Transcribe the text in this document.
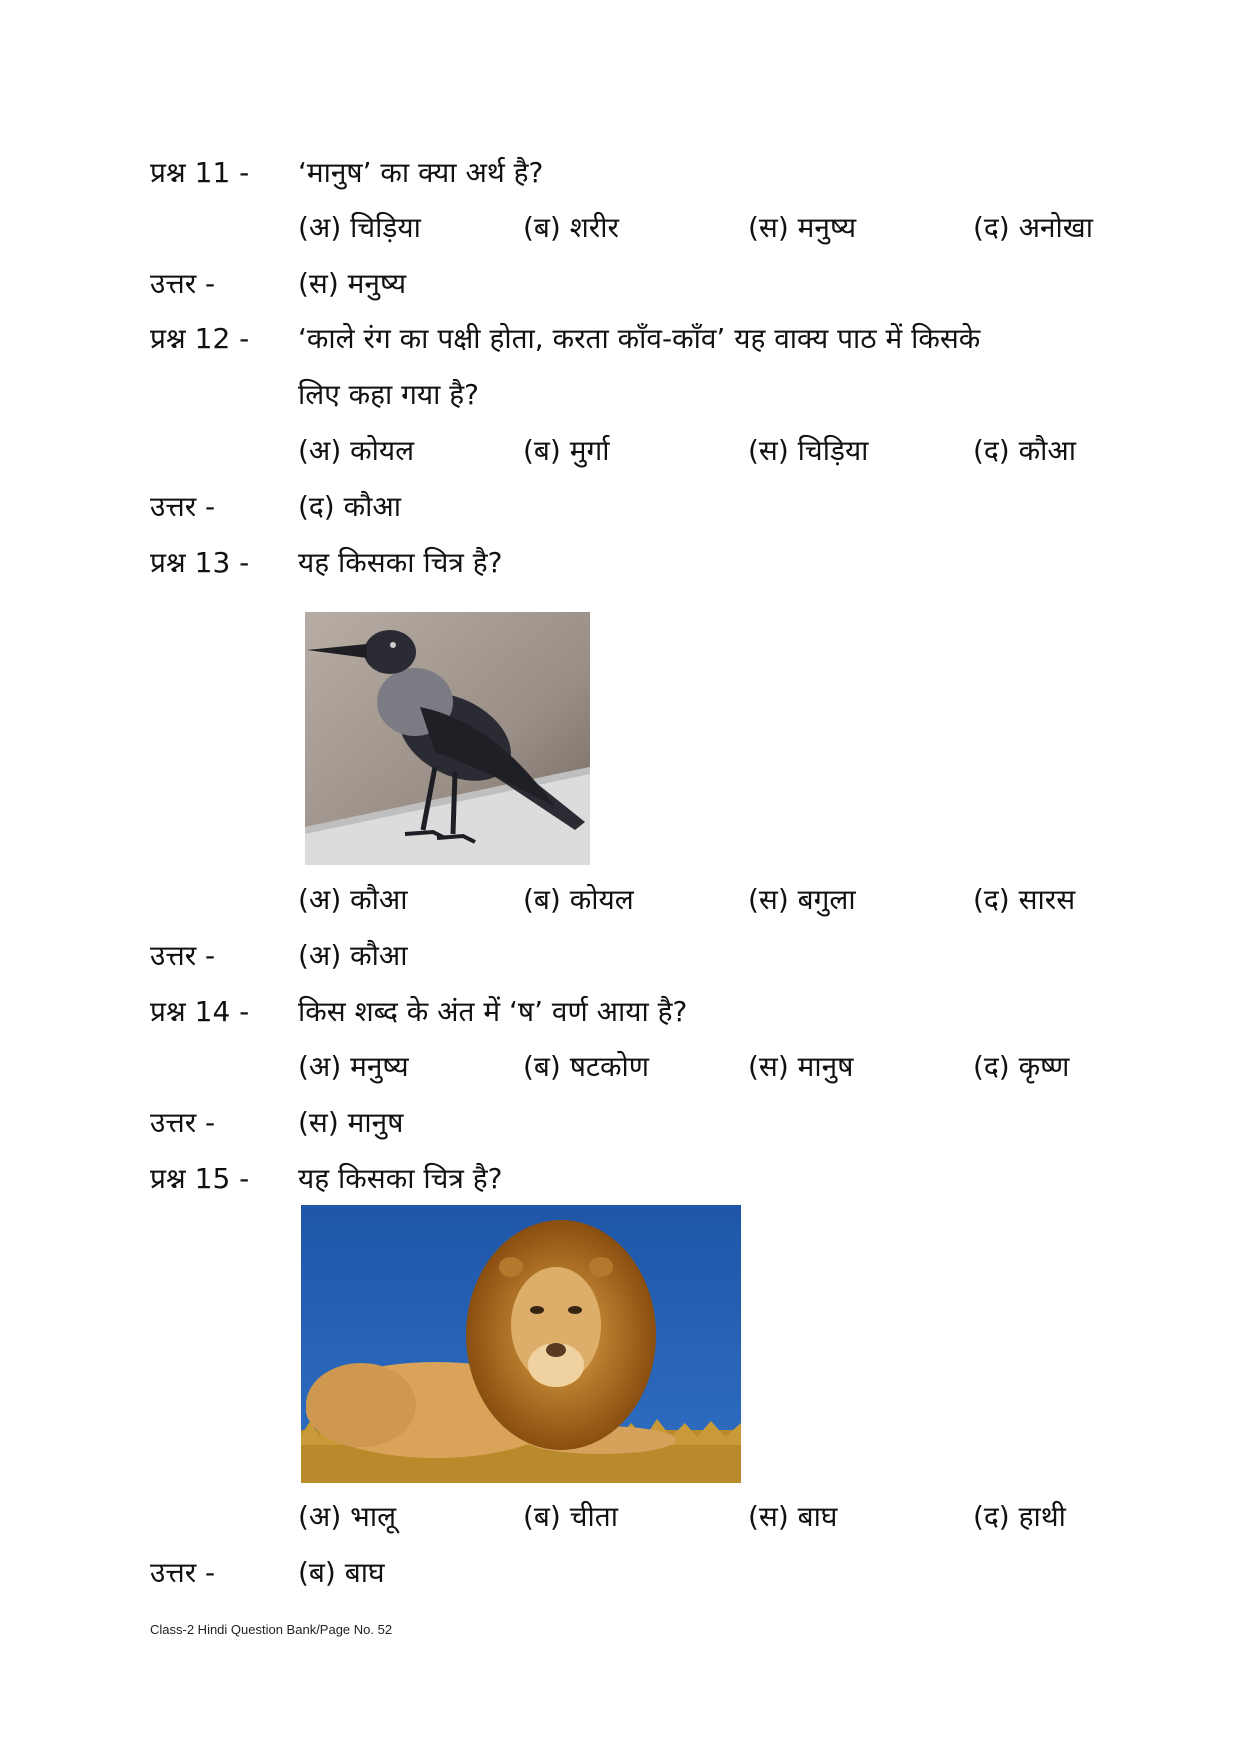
प्रश्न 11 - ‘मानुष’ का क्या अर्थ है?
(अ) चिड़िया	(ब) शरीर	(स) मनुष्य	(द) अनोखा
उत्तर -	(स) मनुष्य
प्रश्न 12 - ‘काले रंग का पक्षी होता, करता काँव-काँव’ यह वाक्य पाठ में किसके
लिए कहा गया है?
(अ) कोयल	(ब) मुर्गा	(स) चिड़िया	(द) कौआ
उत्तर -	(द) कौआ
प्रश्न 13 - यह किसका चित्र है?
(अ) कौआ	(ब) कोयल	(स) बगुला	(द) सारस
उत्तर -	(अ) कौआ
प्रश्न 14 - किस शब्द के अंत में ‘ष’ वर्ण आया है?
(अ) मनुष्य	(ब) षटकोण	(स) मानुष	(द) कृष्ण
उत्तर -	(स) मानुष
प्रश्न 15 - यह किसका चित्र है?
(अ) भालू	(ब) चीता	(स) बाघ	(द) हाथी
उत्तर -	(ब) बाघ
Class-2 Hindi Question Bank/Page No. 52
